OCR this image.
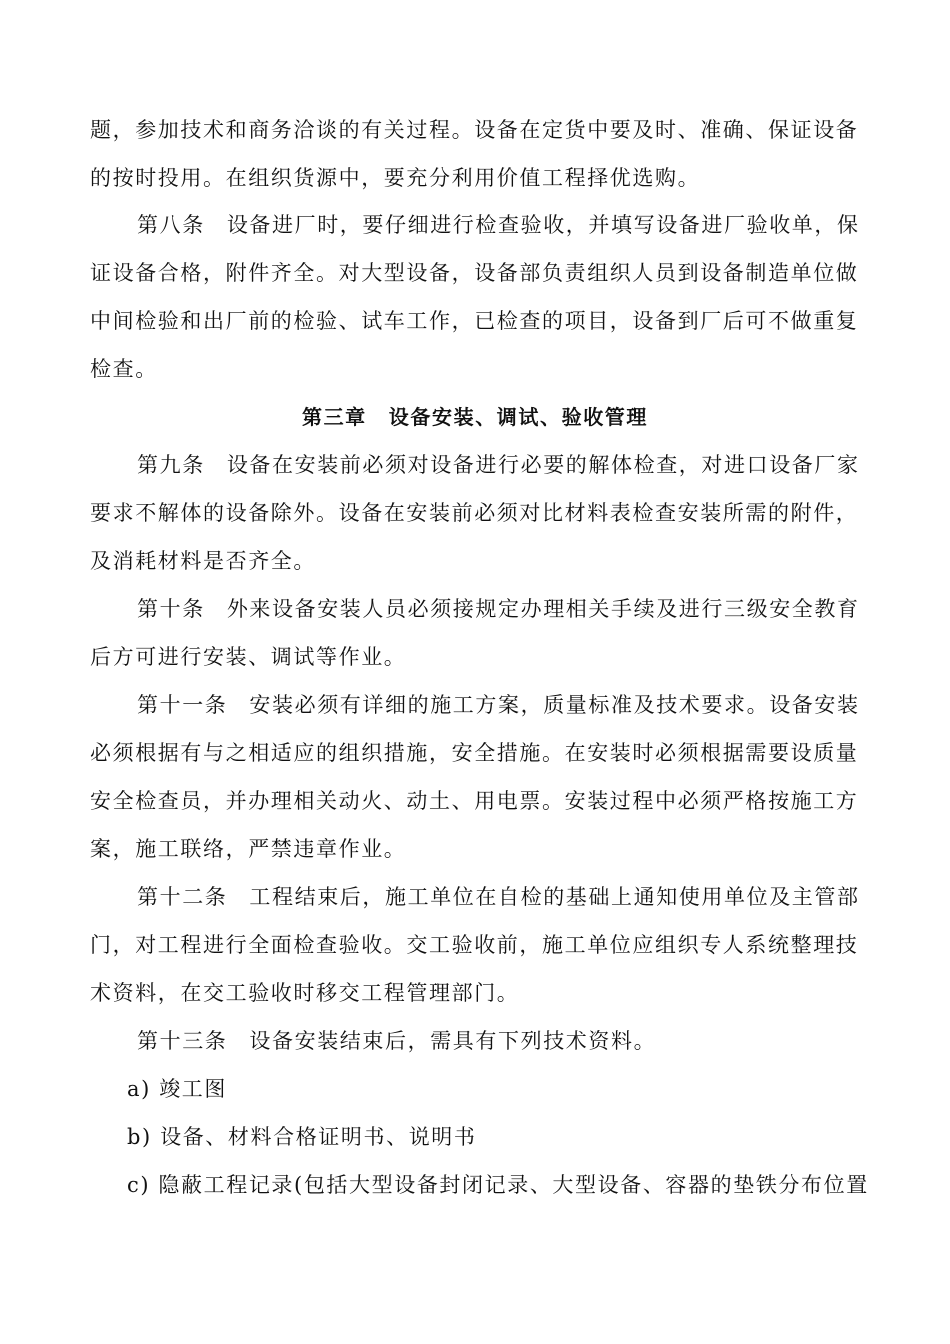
题，参加技术和商务洽谈的有关过程。设备在定货中要及时、准确、保证设备
的按时投用。在组织货源中，要充分利用价值工程择优选购。
第八条 设备进厂时，要仔细进行检查验收，并填写设备进厂验收单，保
证设备合格，附件齐全。对大型设备，设备部负责组织人员到设备制造单位做
中间检验和出厂前的检验、试车工作，已检查的项目，设备到厂后可不做重复
检查。
第三章 设备安装、调试、验收管理
第九条 设备在安装前必须对设备进行必要的解体检查，对进口设备厂家
要求不解体的设备除外。设备在安装前必须对比材料表检查安装所需的附件，
及消耗材料是否齐全。
第十条 外来设备安装人员必须接规定办理相关手续及进行三级安全教育
后方可进行安装、调试等作业。
第十一条 安装必须有详细的施工方案，质量标准及技术要求。设备安装
必须根据有与之相适应的组织措施，安全措施。在安装时必须根据需要设质量
安全检查员，并办理相关动火、动土、用电票。安装过程中必须严格按施工方
案，施工联络，严禁违章作业。
第十二条 工程结束后，施工单位在自检的基础上通知使用单位及主管部
门，对工程进行全面检查验收。交工验收前，施工单位应组织专人系统整理技
术资料，在交工验收时移交工程管理部门。
第十三条 设备安装结束后，需具有下列技术资料。
a) 竣工图
b) 设备、材料合格证明书、说明书
c) 隐蔽工程记录(包括大型设备封闭记录、大型设备、容器的垫铁分布位置
